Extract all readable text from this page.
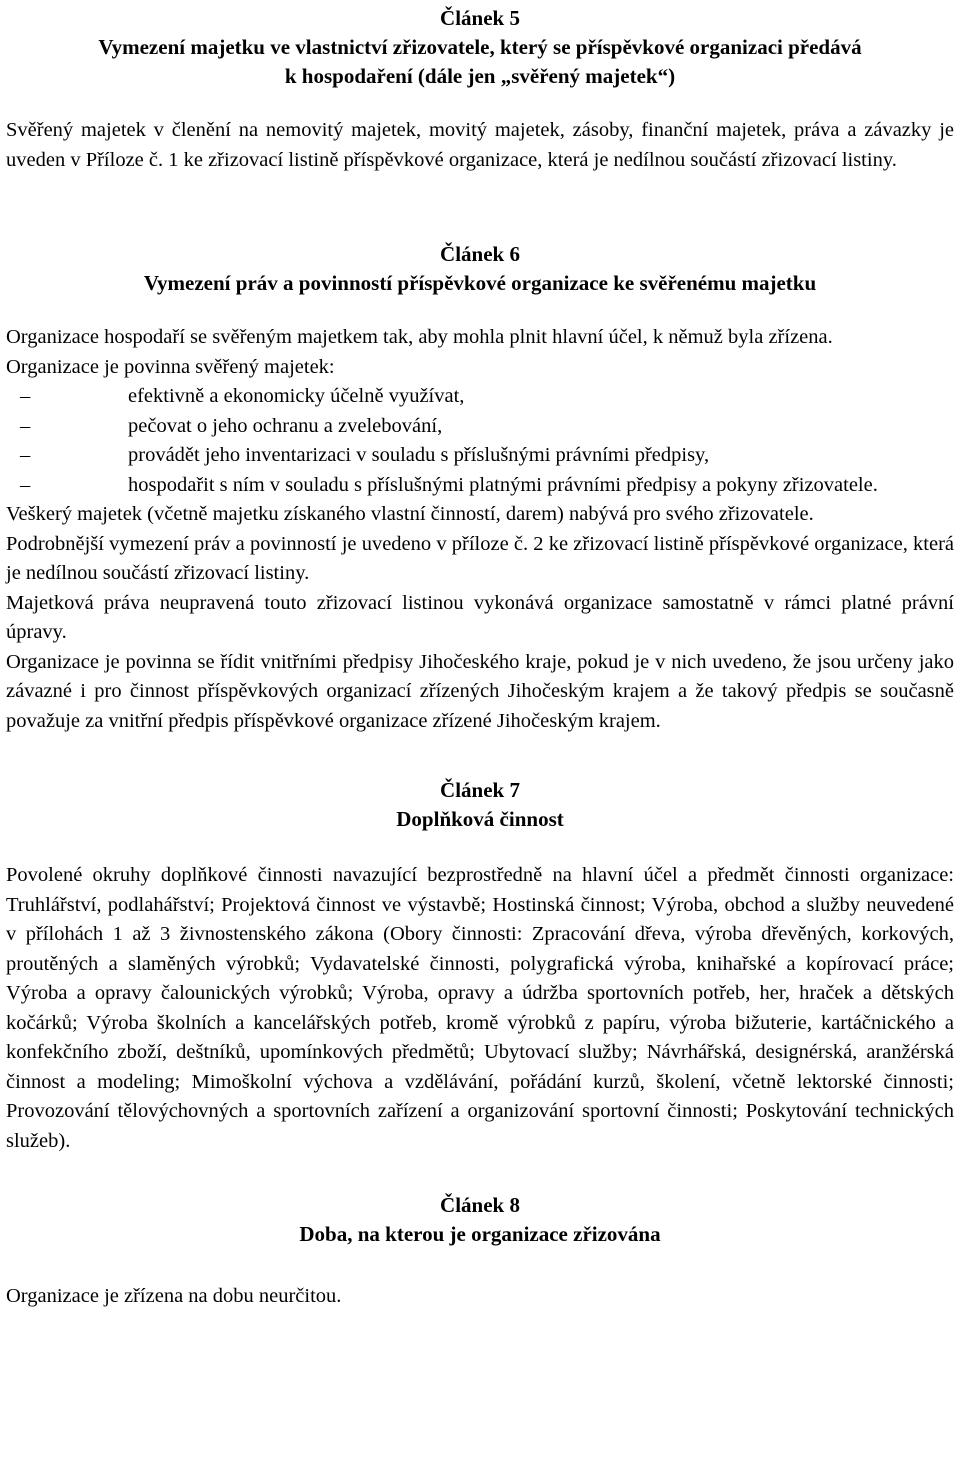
Článek 5
Vymezení majetku ve vlastnictví zřizovatele, který se příspěvkové organizaci předává
k hospodaření (dále jen „svěřený majetek“)

Svěřený majetek v členění na nemovitý majetek, movitý majetek, zásoby, finanční majetek, práva a závazky je uveden v Příloze č. 1 ke zřizovací listině příspěvkové organizace, která je nedílnou součástí zřizovací listiny.

Článek 6
Vymezení práv a povinností příspěvkové organizace ke svěřenému majetku

Organizace hospodaří se svěřeným majetkem tak, aby mohla plnit hlavní účel, k němuž byla zřízena.

Organizace je povinna svěřený majetek:

–	efektivně a ekonomicky účelně využívat,
–	pečovat o jeho ochranu a zvelebování,
–	provádět jeho inventarizaci v souladu s příslušnými právními předpisy,
–	hospodařit s ním v souladu s příslušnými platnými právními předpisy a pokyny zřizovatele.

Veškerý majetek (včetně majetku získaného vlastní činností, darem) nabývá pro svého zřizovatele.

Podrobnější vymezení práv a povinností je uvedeno v příloze č. 2 ke zřizovací listině příspěvkové organizace, která je nedílnou součástí zřizovací listiny.

Majetková práva neupravená touto zřizovací listinou vykonává organizace samostatně v rámci platné právní úpravy.

Organizace je povinna se řídit vnitřními předpisy Jihočeského kraje, pokud je v nich uvedeno, že jsou určeny jako závazné i pro činnost příspěvkových organizací zřízených Jihočeským krajem a že takový předpis se současně považuje za vnitřní předpis příspěvkové organizace zřízené Jihočeským krajem.

Článek 7
Doplňková činnost

Povolené okruhy doplňkové činnosti navazující bezprostředně na hlavní účel a předmět činnosti organizace: Truhlářství, podlahářství; Projektová činnost ve výstavbě; Hostinská činnost; Výroba, obchod a služby neuvedené v přílohách 1 až 3 živnostenského zákona (Obory činnosti: Zpracování dřeva, výroba dřevěných, korkových, proutěných a slaměných výrobků; Vydavatelské činnosti, polygrafická výroba, knihařské a kopírovací práce; Výroba a opravy čalounických výrobků; Výroba, opravy a údržba sportovních potřeb, her, hraček a dětských kočárků; Výroba školních a kancelářských potřeb, kromě výrobků z papíru, výroba bižuterie, kartáčnického a konfekčního zboží, deštníků, upomínkových předmětů; Ubytovací služby; Návrhářská, designérská, aranžérská činnost a modeling; Mimoškolní výchova a vzdělávání, pořádání kurzů, školení, včetně lektorské činnosti; Provozování tělovýchovných a sportovních zařízení a organizování sportovní činnosti; Poskytování technických služeb).

Článek 8
Doba, na kterou je organizace zřizována

Organizace je zřízena na dobu neurčitou.
